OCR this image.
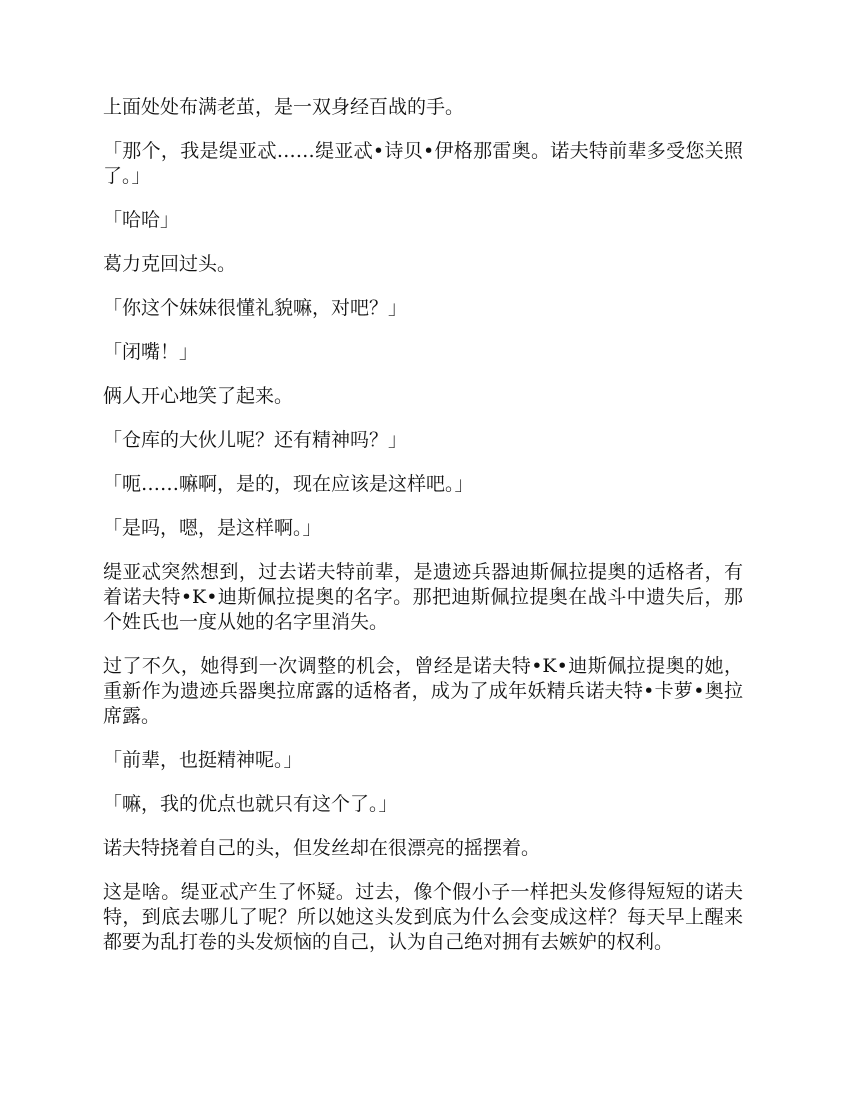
上面处处布满老茧，是一双身经百战的手。

「那个，我是缇亚忒……缇亚忒•诗贝•伊格那雷奥。诺夫特前辈多受您关照了。」

「哈哈」

葛力克回过头。

「你这个妹妹很懂礼貌嘛，对吧？」

「闭嘴！」

俩人开心地笑了起来。

「仓库的大伙儿呢？还有精神吗？」

「呃……嘛啊，是的，现在应该是这样吧。」

「是吗，嗯，是这样啊。」

缇亚忒突然想到，过去诺夫特前辈，是遗迹兵器迪斯佩拉提奥的适格者，有着诺夫特•K•迪斯佩拉提奥的名字。那把迪斯佩拉提奥在战斗中遗失后，那个姓氏也一度从她的名字里消失。

过了不久，她得到一次调整的机会，曾经是诺夫特•K•迪斯佩拉提奥的她，重新作为遗迹兵器奥拉席露的适格者，成为了成年妖精兵诺夫特•卡萝•奥拉席露。

「前辈，也挺精神呢。」

「嘛，我的优点也就只有这个了。」

诺夫特挠着自己的头，但发丝却在很漂亮的摇摆着。

这是啥。缇亚忒产生了怀疑。过去，像个假小子一样把头发修得短短的诺夫特，到底去哪儿了呢？所以她这头发到底为什么会变成这样？每天早上醒来都要为乱打卷的头发烦恼的自己，认为自己绝对拥有去嫉妒的权利。
